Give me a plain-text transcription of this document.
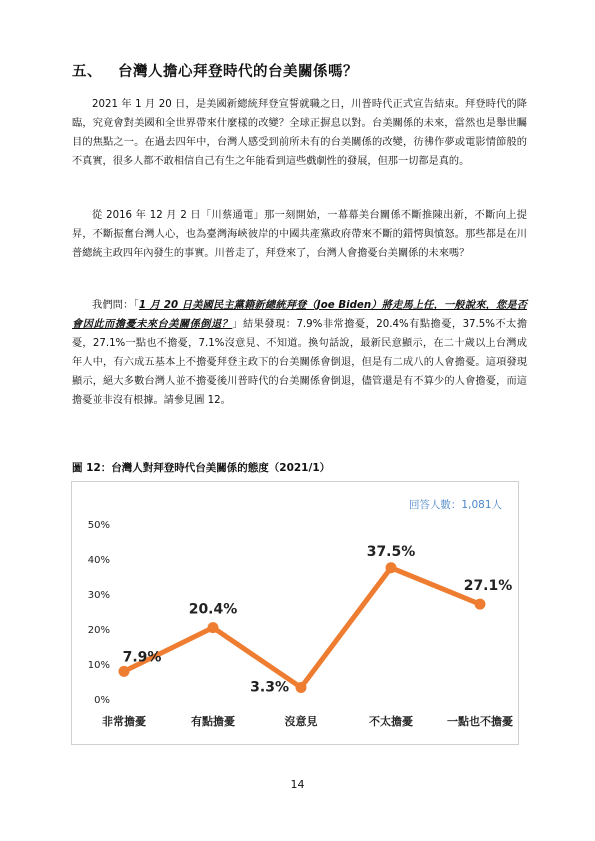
五、 台灣人擔心拜登時代的台美關係嗎？

2021 年 1 月 20 日，是美國新總統拜登宣誓就職之日，川普時代正式宣告結束。拜登時代的降臨，究竟會對美國和全世界帶來什麼樣的改變？全球正摒息以對。台美關係的未來，當然也是舉世矚目的焦點之一。在過去四年中，台灣人感受到前所未有的台美關係的改變，彷彿作夢或電影情節般的不真實，很多人都不敢相信自己有生之年能看到這些戲劇性的發展，但那一切都是真的。

從 2016 年 12 月 2 日「川蔡通電」那一刻開始，一幕幕美台關係不斷推陳出新，不斷向上提昇，不斷振奮台灣人心，也為臺灣海峽彼岸的中國共產黨政府帶來不斷的錯愕與憤怒。那些都是在川普總統主政四年內發生的事實。川普走了，拜登來了，台灣人會擔憂台美關係的未來嗎？

我們問：「1 月 20 日美國民主黨籍新總統拜登（Joe Biden）將走馬上任，一般說來，您是否會因此而擔憂未來台美關係倒退？」結果發現：7.9%非常擔憂，20.4%有點擔憂，37.5%不太擔憂，27.1%一點也不擔憂，7.1%沒意見、不知道。換句話說，最新民意顯示，在二十歲以上台灣成年人中，有六成五基本上不擔憂拜登主政下的台美關係會倒退，但是有二成八的人會擔憂。這項發現顯示，絕大多數台灣人並不擔憂後川普時代的台美關係會倒退，儘管還是有不算少的人會擔憂，而這擔憂並非沒有根據。請參見圖 12。

圖 12：台灣人對拜登時代台美關係的態度（2021/1）
回答人數：1,081人
0%
10%
20%
30%
40%
50%
7.9%
20.4%
3.3%
37.5%
27.1%
非常擔憂	有點擔憂	沒意見	不太擔憂	一點也不擔憂
14
